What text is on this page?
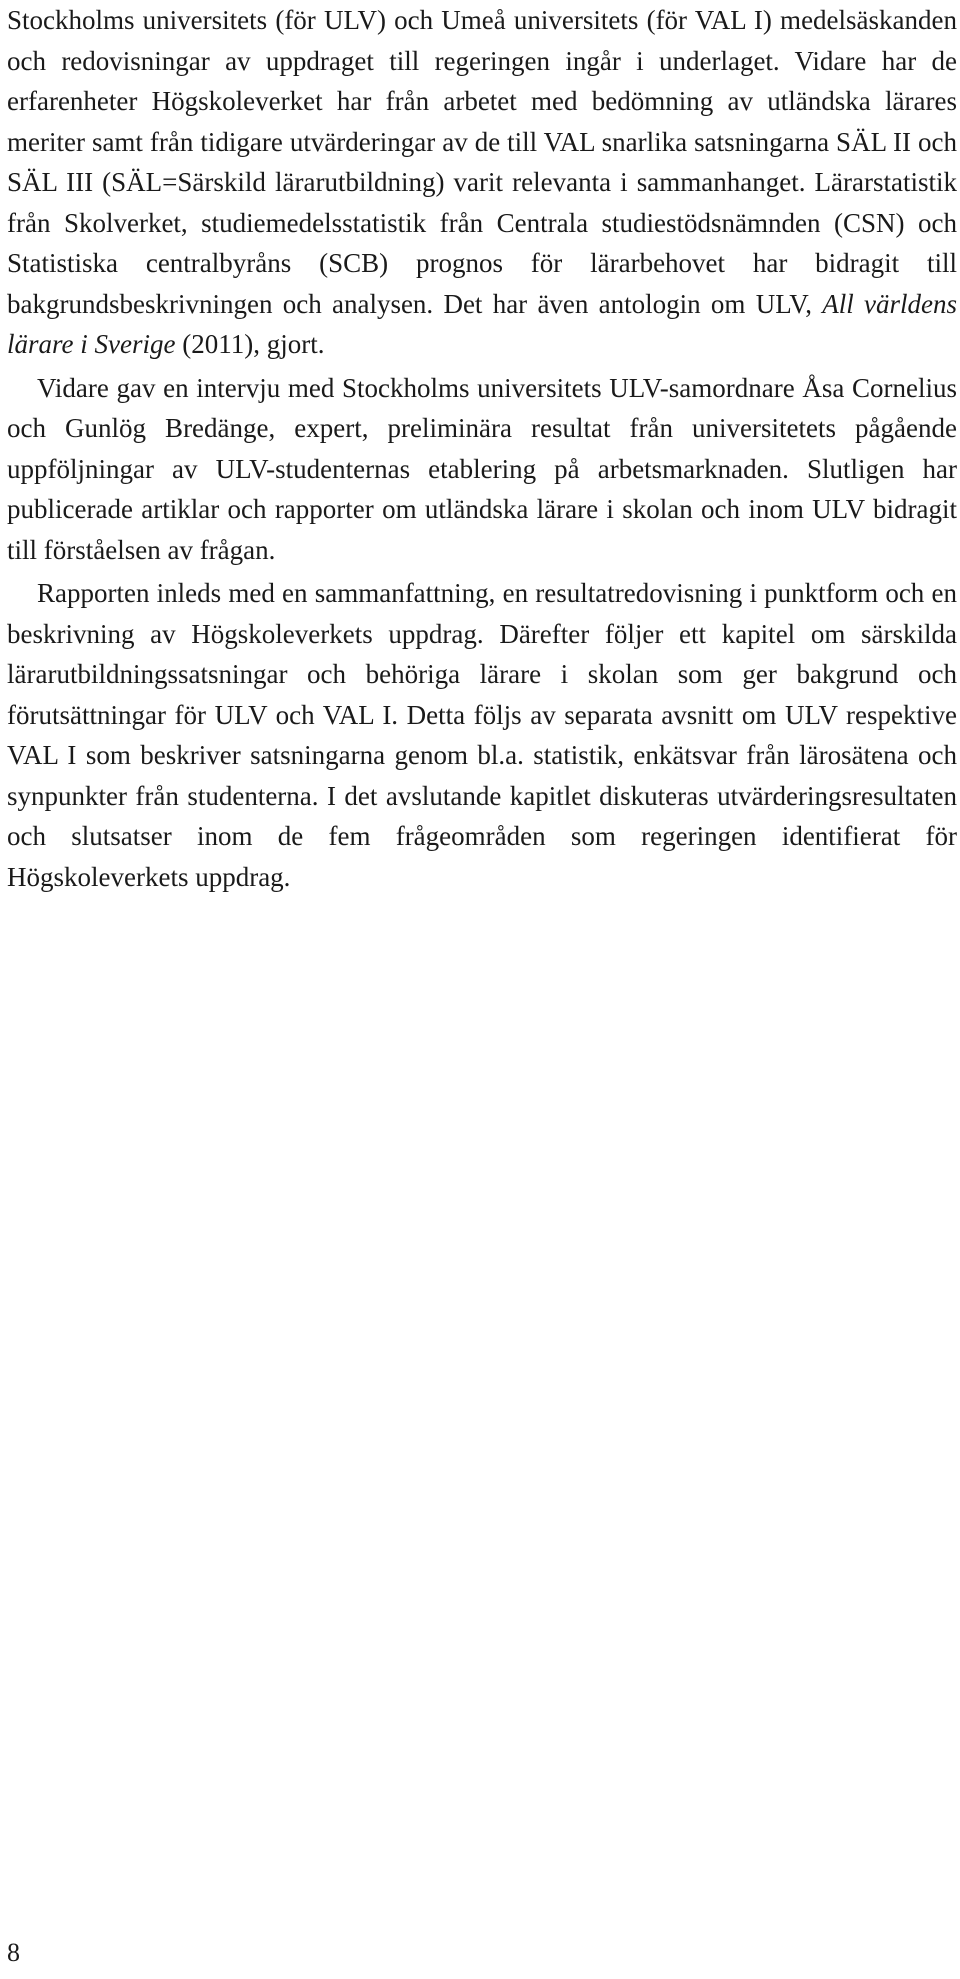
Stockholms universitets (för ULV) och Umeå universitets (för VAL I) medelsäskanden och redovisningar av uppdraget till regeringen ingår i underlaget. Vidare har de erfarenheter Högskoleverket har från arbetet med bedömning av utländska lärares meriter samt från tidigare utvärderingar av de till VAL snarlika satsningarna SÄL II och SÄL III (SÄL=Särskild lärarutbildning) varit relevanta i sammanhanget. Lärarstatistik från Skolverket, studiemedelsstatistik från Centrala studiestödsnämnden (CSN) och Statistiska centralbyråns (SCB) prognos för lärarbehovet har bidragit till bakgrundsbeskrivningen och analysen. Det har även antologin om ULV, All världens lärare i Sverige (2011), gjort.

Vidare gav en intervju med Stockholms universitets ULV-samordnare Åsa Cornelius och Gunlög Bredänge, expert, preliminära resultat från universitetets pågående uppföljningar av ULV-studenternas etablering på arbetsmarknaden. Slutligen har publicerade artiklar och rapporter om utländska lärare i skolan och inom ULV bidragit till förståelsen av frågan.

Rapporten inleds med en sammanfattning, en resultatredovisning i punktform och en beskrivning av Högskoleverkets uppdrag. Därefter följer ett kapitel om särskilda lärarutbildningssatsningar och behöriga lärare i skolan som ger bakgrund och förutsättningar för ULV och VAL I. Detta följs av separata avsnitt om ULV respektive VAL I som beskriver satsningarna genom bl.a. statistik, enkätsvar från lärosätena och synpunkter från studenterna. I det avslutande kapitlet diskuteras utvärderingsresultaten och slutsatser inom de fem frågeområden som regeringen identifierat för Högskoleverkets uppdrag.

8
